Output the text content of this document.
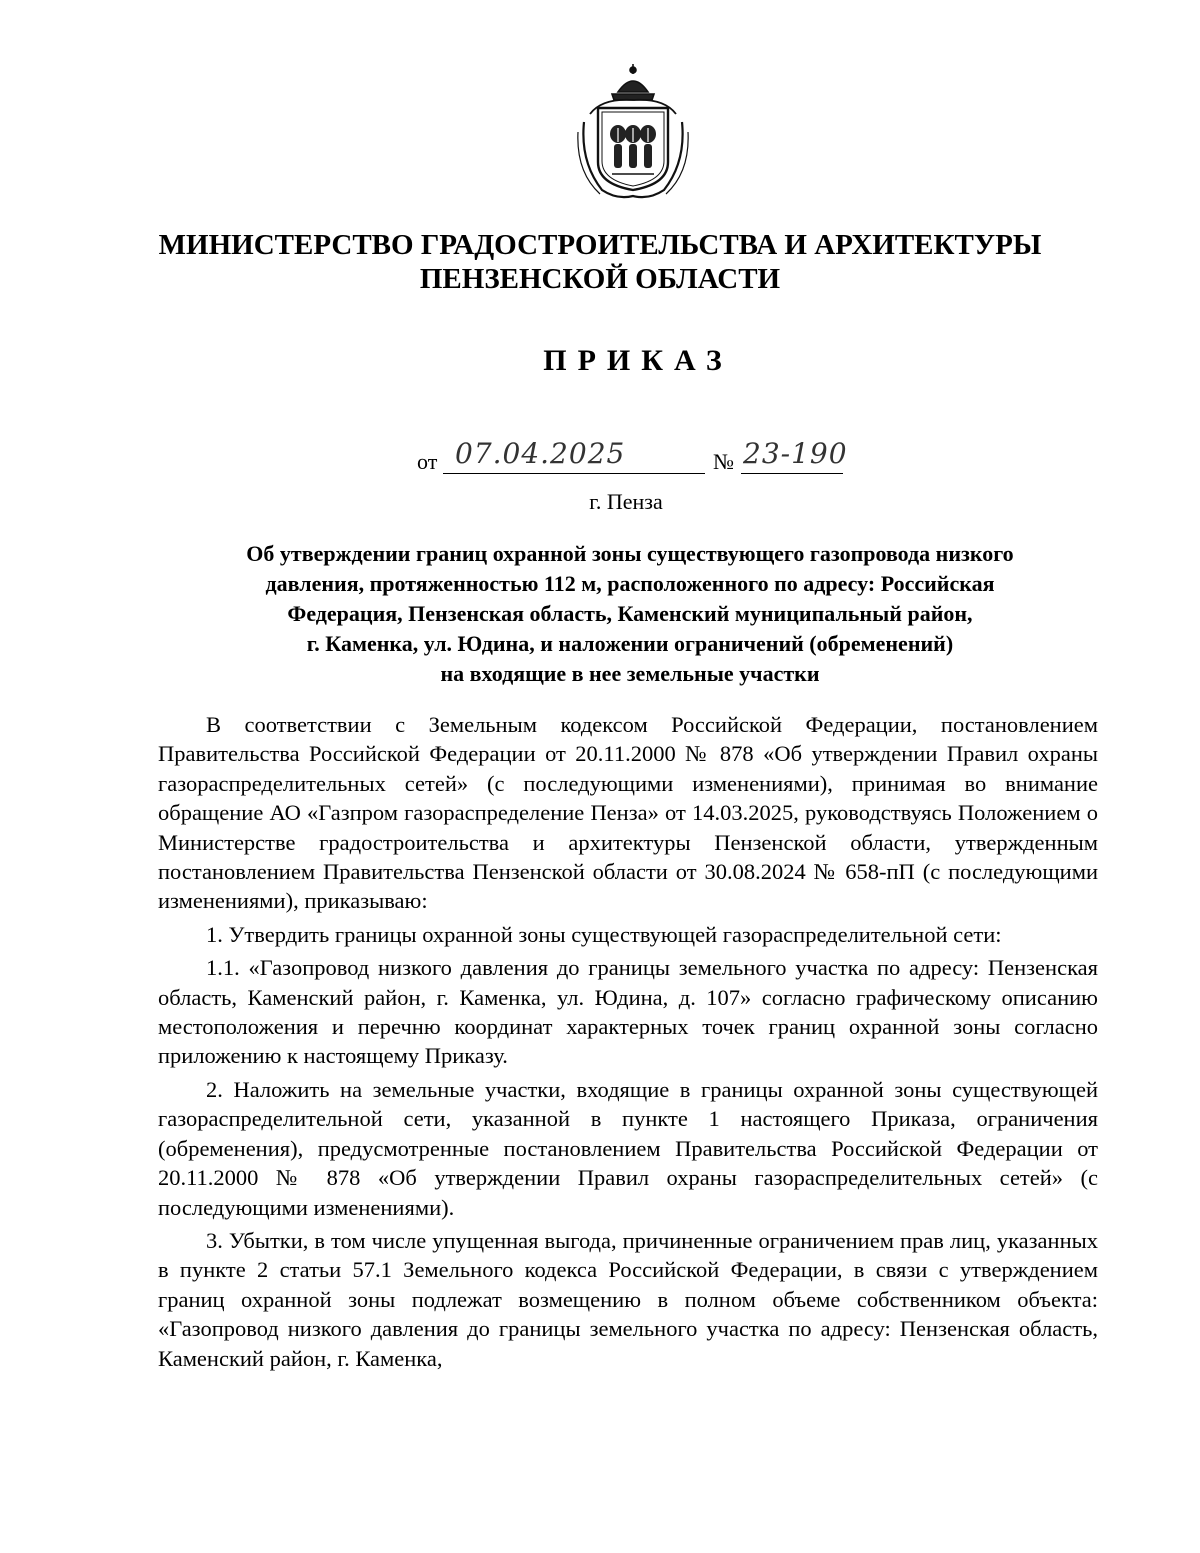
МИНИСТЕРСТВО ГРАДОСТРОИТЕЛЬСТВА И АРХИТЕКТУРЫ
ПЕНЗЕНСКОЙ ОБЛАСТИ
ПРИКАЗ
от 07.04.2025	№ 23-190
г. Пенза
Об утверждении границ охранной зоны существующего газопровода низкого
давления, протяженностью 112 м, расположенного по адресу: Российская
Федерация, Пензенская область, Каменский муниципальный район,
г. Каменка, ул. Юдина, и наложении ограничений (обременений)
на входящие в нее земельные участки

В соответствии с Земельным кодексом Российской Федерации, постановлением Правительства Российской Федерации от 20.11.2000 № 878 «Об утверждении Правил охраны газораспределительных сетей» (с последующими изменениями), принимая во внимание обращение АО «Газпром газораспределение Пенза» от 14.03.2025, руководствуясь Положением о Министерстве градостроительства и архитектуры Пензенской области, утвержденным постановлением Правительства Пензенской области от 30.08.2024 № 658-пП (с последующими изменениями), приказываю:

1. Утвердить границы охранной зоны существующей газораспределительной сети:

1.1. «Газопровод низкого давления до границы земельного участка по адресу: Пензенская область, Каменский район, г. Каменка, ул. Юдина, д. 107» согласно графическому описанию местоположения и перечню координат характерных точек границ охранной зоны согласно приложению к настоящему Приказу.

2. Наложить на земельные участки, входящие в границы охранной зоны существующей газораспределительной сети, указанной в пункте 1 настоящего Приказа, ограничения (обременения), предусмотренные постановлением Правительства Российской Федерации от 20.11.2000 № 878 «Об утверждении Правил охраны газораспределительных сетей» (с последующими изменениями).

3. Убытки, в том числе упущенная выгода, причиненные ограничением прав лиц, указанных в пункте 2 статьи 57.1 Земельного кодекса Российской Федерации, в связи с утверждением границ охранной зоны подлежат возмещению в полном объеме собственником объекта: «Газопровод низкого давления до границы земельного участка по адресу: Пензенская область, Каменский район, г. Каменка,
